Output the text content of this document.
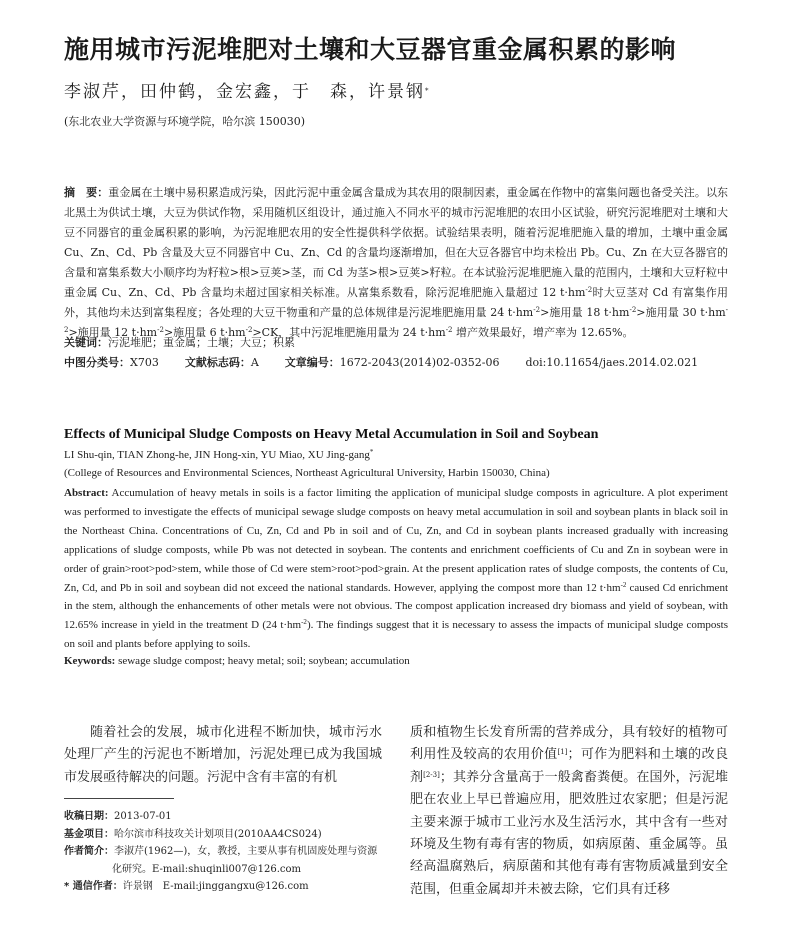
施用城市污泥堆肥对土壤和大豆器官重金属积累的影响
李淑芹，田仲鹤，金宏鑫，于　森，许景钢*
(东北农业大学资源与环境学院，哈尔滨 150030)
摘　要：重金属在土壤中易积累造成污染，因此污泥中重金属含量成为其农用的限制因素，重金属在作物中的富集问题也备受关注。以东北黑土为供试土壤，大豆为供试作物，采用随机区组设计，通过施入不同水平的城市污泥堆肥的农田小区试验，研究污泥堆肥对土壤和大豆不同器官的重金属积累的影响，为污泥堆肥农用的安全性提供科学依据。试验结果表明，随着污泥堆肥施入量的增加，土壤中重金属 Cu、Zn、Cd、Pb 含量及大豆不同器官中 Cu、Zn、Cd 的含量均逐渐增加，但在大豆各器官中均未检出 Pb。Cu、Zn 在大豆各器官的含量和富集系数大小顺序均为籽粒>根>豆荚>茎，而 Cd 为茎>根>豆荚>籽粒。在本试验污泥堆肥施入量的范围内，土壤和大豆籽粒中重金属 Cu、Zn、Cd、Pb 含量均未超过国家相关标准。从富集系数看，除污泥堆肥施入量超过 12 $t\cdot hm^{-2}$时大豆茎对 Cd 有富集作用外，其他均未达到富集程度；各处理的大豆干物重和产量的总体规律是污泥堆肥施用量 24 $t\cdot hm^{-2}>$施用量 18 $t\cdot hm^{-2}>$施用量 30 $t\cdot hm^{-2}>$施用量 12 $t\cdot hm^{-2}>$施用量 6 $t\cdot hm^{-2}>CK$，其中污泥堆肥施用量为 24 $t\cdot hm^{-2}$ 增产效果最好，增产率为 12.65%。
关键词：污泥堆肥；重金属；土壤；大豆；积累
中图分类号：X703 文献标志码：A 文章编号：1672-2043(2014)02-0352-06 doi:10.11654/jaes.2014.02.021
Effects of Municipal Sludge Composts on Heavy Metal Accumulation in Soil and Soybean
LI Shu-qin, TIAN Zhong-he, JIN Hong-xin, YU Miao, XU Jing-gang*
(College of Resources and Environmental Sciences, Northeast Agricultural University, Harbin 150030, China)
Abstract: Accumulation of heavy metals in soils is a factor limiting the application of municipal sludge composts in agriculture. A plot experiment was performed to investigate the effects of municipal sewage sludge composts on heavy metal accumulation in soil and soybean plants in black soil in the Northeast China. Concentrations of Cu, Zn, Cd and Pb in soil and of Cu, Zn, and Cd in soybean plants increased gradually with increasing applications of sludge composts, while Pb was not detected in soybean. The contents and enrichment coefficients of Cu and Zn in soybean were in order of grain>root>pod>stem, while those of Cd were stem>root>pod>grain. At the present application rates of sludge composts, the contents of Cu, Zn, Cd, and Pb in soil and soybean did not exceed the national standards. However, applying the compost more than 12 $t\cdot hm^{-2}$ caused Cd enrichment in the stem, although the enhancements of other metals were not obvious. The compost application increased dry biomass and yield of soybean, with 12.65% increase in yield in the treatment D (24 $t\cdot hm^{-2}$). The findings suggest that it is necessary to assess the impacts of municipal sludge composts on soil and plants before applying to soils.
Keywords: sewage sludge compost; heavy metal; soil; soybean; accumulation
随着社会的发展，城市化进程不断加快，城市污水处理厂产生的污泥也不断增加，污泥处理已成为我国城市发展亟待解决的问题。污泥中含有丰富的有机
质和植物生长发育所需的营养成分，具有较好的植物可利用性及较高的农用价值[1]；可作为肥料和土壤的改良剂[2-3]；其养分含量高于一般禽畜粪便。在国外，污泥堆肥在农业上早已普遍应用，肥效胜过农家肥；但是污泥主要来源于城市工业污水及生活污水，其中含有一些对环境及生物有毒有害的物质，如病原菌、重金属等。虽经高温腐熟后，病原菌和其他有毒有害物质减量到安全范围，但重金属却并未被去除，它们具有迁移
收稿日期：2013-07-01
基金项目：哈尔滨市科技攻关计划项目(2010AA4CS024)
作者简介：李淑芹(1962—)，女，教授，主要从事有机固废处理与资源
化研究。E-mail:shuqinli007@126.com
* 通信作者：许景钢　E-mail:jinggangxu@126.com
